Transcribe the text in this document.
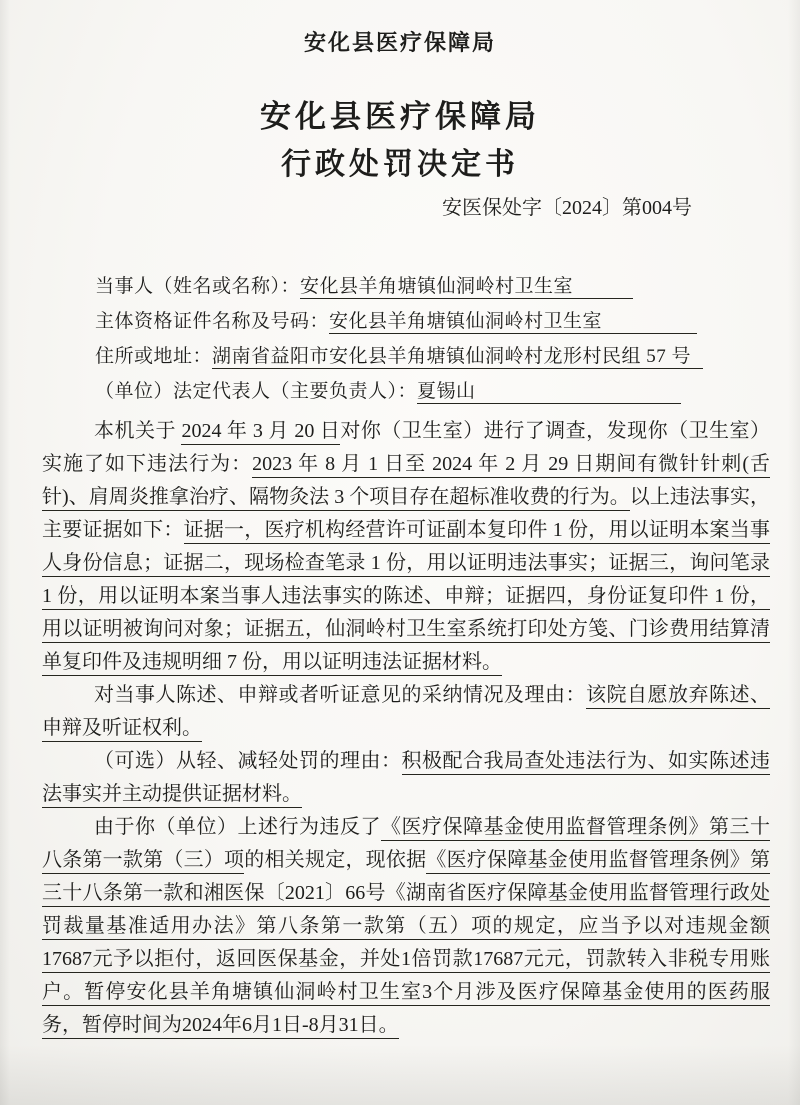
安化县医疗保障局
安化县医疗保障局
行政处罚决定书
安医保处字〔2024〕第004号
当事人（姓名或名称）：安化县羊角塘镇仙洞岭村卫生室
主体资格证件名称及号码：安化县羊角塘镇仙洞岭村卫生室
住所或地址：湖南省益阳市安化县羊角塘镇仙洞岭村龙形村民组 57 号
（单位）法定代表人（主要负责人）：夏锡山

本机关于 2024 年 3 月 20 日对你（卫生室）进行了调查，发现你（卫生室）实施了如下违法行为：2023 年 8 月 1 日至 2024 年 2 月 29 日期间有微针针刺(舌针)、肩周炎推拿治疗、隔物灸法 3 个项目存在超标准收费的行为。以上违法事实，主要证据如下：证据一，医疗机构经营许可证副本复印件 1 份，用以证明本案当事人身份信息；证据二，现场检查笔录 1 份，用以证明违法事实；证据三，询问笔录 1 份，用以证明本案当事人违法事实的陈述、申辩；证据四，身份证复印件 1 份，用以证明被询问对象；证据五，仙洞岭村卫生室系统打印处方笺、门诊费用结算清单复印件及违规明细 7 份，用以证明违法证据材料。

对当事人陈述、申辩或者听证意见的采纳情况及理由：该院自愿放弃陈述、申辩及听证权利。

（可选）从轻、减轻处罚的理由：积极配合我局查处违法行为、如实陈述违法事实并主动提供证据材料。

由于你（单位）上述行为违反了《医疗保障基金使用监督管理条例》第三十八条第一款第（三）项的相关规定，现依据《医疗保障基金使用监督管理条例》第三十八条第一款和湘医保〔2021〕66号《湖南省医疗保障基金使用监督管理行政处罚裁量基准适用办法》第八条第一款第（五）项的规定，应当予以对违规金额17687元予以拒付，返回医保基金，并处1倍罚款17687元元，罚款转入非税专用账户。暂停安化县羊角塘镇仙洞岭村卫生室3个月涉及医疗保障基金使用的医药服务，暂停时间为2024年6月1日-8月31日。
